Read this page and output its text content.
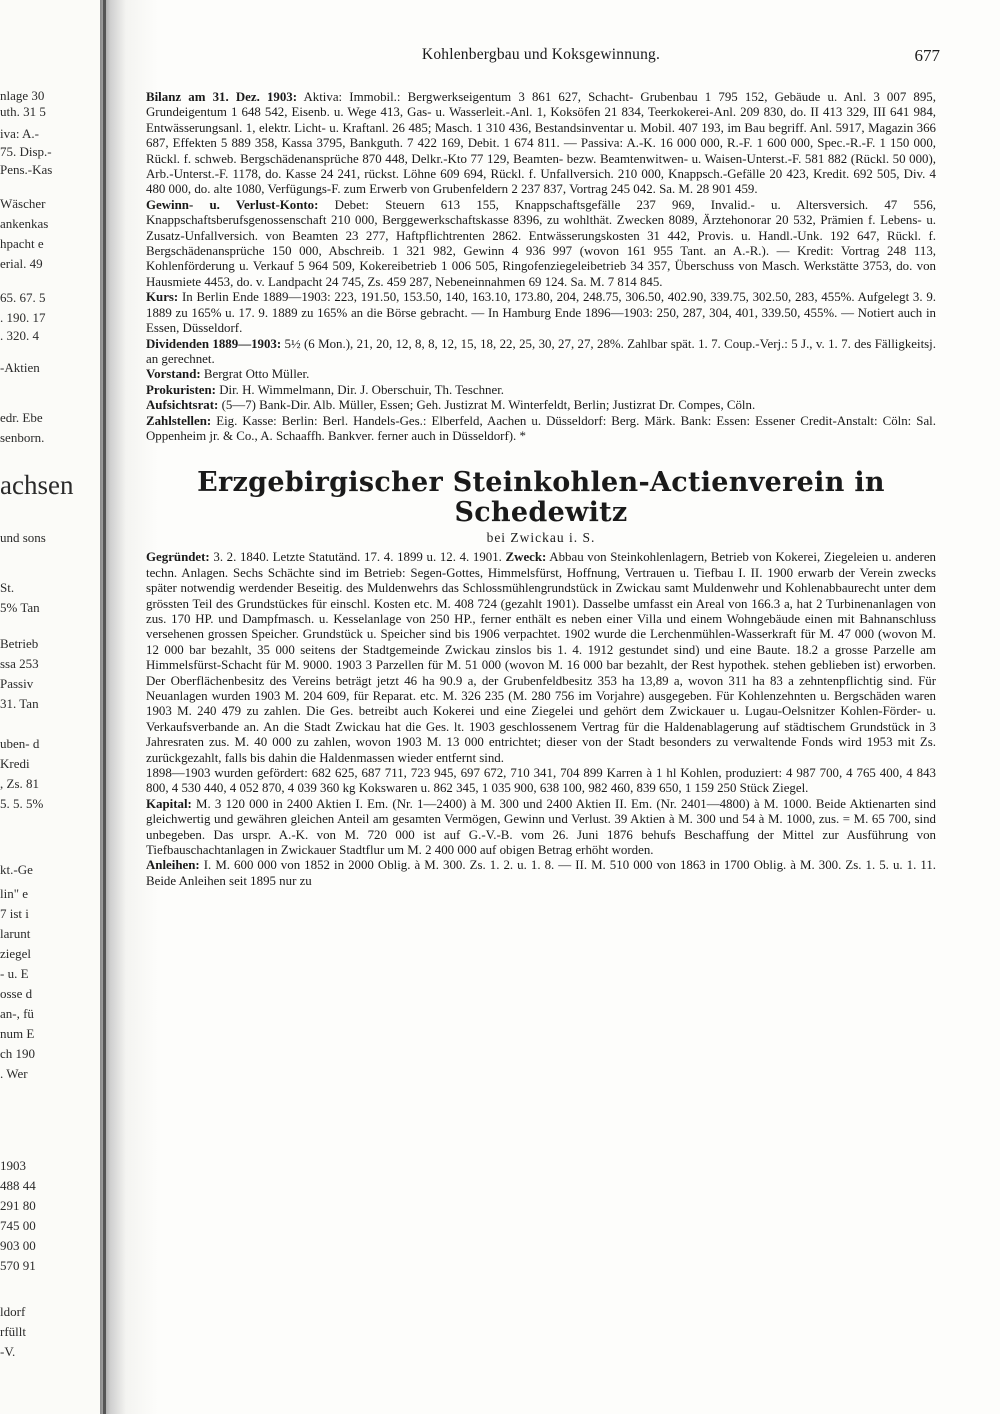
nlage 30
uth. 31 5
iva: A.-
75. Disp.-
Pens.-Kas
Wäscher
ankenkas
hpacht e
erial. 49
65. 67. 5
. 190. 17
. 320. 4
-Aktien
edr. Ebe
senborn.
achsen
und sons
St.
5% Tan
Betrieb
ssa 253
Passiv
31. Tan
uben- d
Kredi
, Zs. 81
5. 5. 5%
kt.-Ge
lin" e
7 ist i
larunt
ziegel
- u. E
osse d
an-, fü
num E
ch 190
. Wer
1903
488 44
291 80
745 00
903 00
570 91
ldorf
rfüllt
-V.
Kohlenbergbau und Koksgewinnung.	677

Bilanz am 31. Dez. 1903: Aktiva: Immobil.: Bergwerkseigentum 3 861 627, Schacht- Grubenbau 1 795 152, Gebäude u. Anl. 3 007 895, Grundeigentum 1 648 542, Eisenb. u. Wege 413, Gas- u. Wasserleit.-Anl. 1, Koksöfen 21 834, Teerkokerei-Anl. 209 830, do. II 413 329, III 641 984, Entwässerungsanl. 1, elektr. Licht- u. Kraftanl. 26 485; Masch. 1 310 436, Bestandsinventar u. Mobil. 407 193, im Bau begriff. Anl. 5917, Magazin 366 687, Effekten 5 889 358, Kassa 3795, Bankguth. 7 422 169, Debit. 1 674 811. — Passiva: A.-K. 16 000 000, R.-F. 1 600 000, Spec.-R.-F. 1 150 000, Rückl. f. schweb. Bergschädenansprüche 870 448, Delkr.-Kto 77 129, Beamten- bezw. Beamtenwitwen- u. Waisen-Unterst.-F. 581 882 (Rückl. 50 000), Arb.-Unterst.-F. 1178, do. Kasse 24 241, rückst. Löhne 609 694, Rückl. f. Unfallversich. 210 000, Knappsch.-Gefälle 20 423, Kredit. 692 505, Div. 4 480 000, do. alte 1080, Verfügungs-F. zum Erwerb von Grubenfeldern 2 237 837, Vortrag 245 042. Sa. M. 28 901 459.

Gewinn- u. Verlust-Konto: Debet: Steuern 613 155, Knappschaftsgefälle 237 969, Invalid.- u. Altersversich. 47 556, Knappschaftsberufsgenossenschaft 210 000, Berggewerkschaftskasse 8396, zu wohlthät. Zwecken 8089, Ärztehonorar 20 532, Prämien f. Lebens- u. Zusatz-Unfallversich. von Beamten 23 277, Haftpflichtrenten 2862. Entwässerungskosten 31 442, Provis. u. Handl.-Unk. 192 647, Rückl. f. Bergschädenansprüche 150 000, Abschreib. 1 321 982, Gewinn 4 936 997 (wovon 161 955 Tant. an A.-R.). — Kredit: Vortrag 248 113, Kohlenförderung u. Verkauf 5 964 509, Kokereibetrieb 1 006 505, Ringofenziegeleibetrieb 34 357, Überschuss von Masch. Werkstätte 3753, do. von Hausmiete 4453, do. v. Landpacht 24 745, Zs. 459 287, Nebeneinnahmen 69 124. Sa. M. 7 814 845.

Kurs: In Berlin Ende 1889—1903: 223, 191.50, 153.50, 140, 163.10, 173.80, 204, 248.75, 306.50, 402.90, 339.75, 302.50, 283, 455%. Aufgelegt 3. 9. 1889 zu 165% u. 17. 9. 1889 zu 165% an die Börse gebracht. — In Hamburg Ende 1896—1903: 250, 287, 304, 401, 339.50, 455%. — Notiert auch in Essen, Düsseldorf.

Dividenden 1889—1903: 5½ (6 Mon.), 21, 20, 12, 8, 8, 12, 15, 18, 22, 25, 30, 27, 27, 28%. Zahlbar spät. 1. 7. Coup.-Verj.: 5 J., v. 1. 7. des Fälligkeitsj. an gerechnet.

Vorstand: Bergrat Otto Müller.

Prokuristen: Dir. H. Wimmelmann, Dir. J. Oberschuir, Th. Teschner.

Aufsichtsrat: (5—7) Bank-Dir. Alb. Müller, Essen; Geh. Justizrat M. Winterfeldt, Berlin; Justizrat Dr. Compes, Cöln.

Zahlstellen: Eig. Kasse: Berlin: Berl. Handels-Ges.: Elberfeld, Aachen u. Düsseldorf: Berg. Märk. Bank: Essen: Essener Credit-Anstalt: Cöln: Sal. Oppenheim jr. & Co., A. Schaaffh. Bankver. ferner auch in Düsseldorf). *

Erzgebirgischer Steinkohlen-Actienverein in Schedewitz
bei Zwickau i. S.

Gegründet: 3. 2. 1840. Letzte Statutänd. 17. 4. 1899 u. 12. 4. 1901. Zweck: Abbau von Steinkohlenlagern, Betrieb von Kokerei, Ziegeleien u. anderen techn. Anlagen. Sechs Schächte sind im Betrieb: Segen-Gottes, Himmelsfürst, Hoffnung, Vertrauen u. Tiefbau I. II. 1900 erwarb der Verein zwecks später notwendig werdender Beseitig. des Muldenwehrs das Schlossmühlengrundstück in Zwickau samt Muldenwehr und Kohlenabbaurecht unter dem grössten Teil des Grundstückes für einschl. Kosten etc. M. 408 724 (gezahlt 1901). Dasselbe umfasst ein Areal von 166.3 a, hat 2 Turbinenanlagen von zus. 170 HP. und Dampfmasch. u. Kesselanlage von 250 HP., ferner enthält es neben einer Villa und einem Wohngebäude einen mit Bahnanschluss versehenen grossen Speicher. Grundstück u. Speicher sind bis 1906 verpachtet. 1902 wurde die Lerchenmühlen-Wasserkraft für M. 47 000 (wovon M. 12 000 bar bezahlt, 35 000 seitens der Stadtgemeinde Zwickau zinslos bis 1. 4. 1912 gestundet sind) und eine Baute. 18.2 a grosse Parzelle am Himmelsfürst-Schacht für M. 9000. 1903 3 Parzellen für M. 51 000 (wovon M. 16 000 bar bezahlt, der Rest hypothek. stehen geblieben ist) erworben. Der Oberflächenbesitz des Vereins beträgt jetzt 46 ha 90.9 a, der Grubenfeldbesitz 353 ha 13,89 a, wovon 311 ha 83 a zehntenpflichtig sind. Für Neuanlagen wurden 1903 M. 204 609, für Reparat. etc. M. 326 235 (M. 280 756 im Vorjahre) ausgegeben. Für Kohlenzehnten u. Bergschäden waren 1903 M. 240 479 zu zahlen. Die Ges. betreibt auch Kokerei und eine Ziegelei und gehört dem Zwickauer u. Lugau-Oelsnitzer Kohlen-Förder- u. Verkaufsverbande an. An die Stadt Zwickau hat die Ges. lt. 1903 geschlossenem Vertrag für die Haldenablagerung auf städtischem Grundstück in 3 Jahresraten zus. M. 40 000 zu zahlen, wovon 1903 M. 13 000 entrichtet; dieser von der Stadt besonders zu verwaltende Fonds wird 1953 mit Zs. zurückgezahlt, falls bis dahin die Haldenmassen wieder entfernt sind.

1898—1903 wurden gefördert: 682 625, 687 711, 723 945, 697 672, 710 341, 704 899 Karren à 1 hl Kohlen, produziert: 4 987 700, 4 765 400, 4 843 800, 4 530 440, 4 052 870, 4 039 360 kg Kokswaren u. 862 345, 1 035 900, 638 100, 982 460, 839 650, 1 159 250 Stück Ziegel.

Kapital: M. 3 120 000 in 2400 Aktien I. Em. (Nr. 1—2400) à M. 300 und 2400 Aktien II. Em. (Nr. 2401—4800) à M. 1000. Beide Aktienarten sind gleichwertig und gewähren gleichen Anteil am gesamten Vermögen, Gewinn und Verlust. 39 Aktien à M. 300 und 54 à M. 1000, zus. = M. 65 700, sind unbegeben. Das urspr. A.-K. von M. 720 000 ist auf G.-V.-B. vom 26. Juni 1876 behufs Beschaffung der Mittel zur Ausführung von Tiefbauschachtanlagen in Zwickauer Stadtflur um M. 2 400 000 auf obigen Betrag erhöht worden.

Anleihen: I. M. 600 000 von 1852 in 2000 Oblig. à M. 300. Zs. 1. 2. u. 1. 8. — II. M. 510 000 von 1863 in 1700 Oblig. à M. 300. Zs. 1. 5. u. 1. 11. Beide Anleihen seit 1895 nur zu
